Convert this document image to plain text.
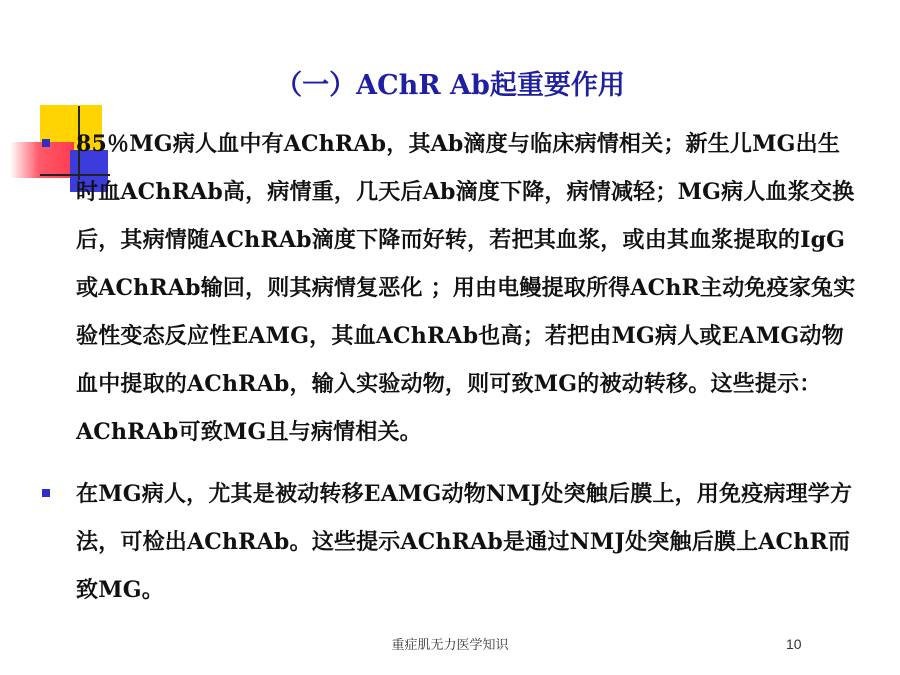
（一）AChR Ab起重要作用
85％MG病人血中有AChRAb，其Ab滴度与临床病情相关；新生儿MG出生时血AChRAb高，病情重，几天后Ab滴度下降，病情减轻；MG病人血浆交换后，其病情随AChRAb滴度下降而好转，若把其血浆，或由其血浆提取的IgG或AChRAb输回，则其病情复恶化 ；用由电鳗提取所得AChR主动免疫家兔实验性变态反应性EAMG，其血AChRAb也高；若把由MG病人或EAMG动物血中提取的AChRAb，输入实验动物，则可致MG的被动转移。这些提示：AChRAb可致MG且与病情相关。
在MG病人，尤其是被动转移EAMG动物NMJ处突触后膜上，用免疫病理学方法，可检出AChRAb。这些提示AChRAb是通过NMJ处突触后膜上AChR而致MG。
重症肌无力医学知识	10
